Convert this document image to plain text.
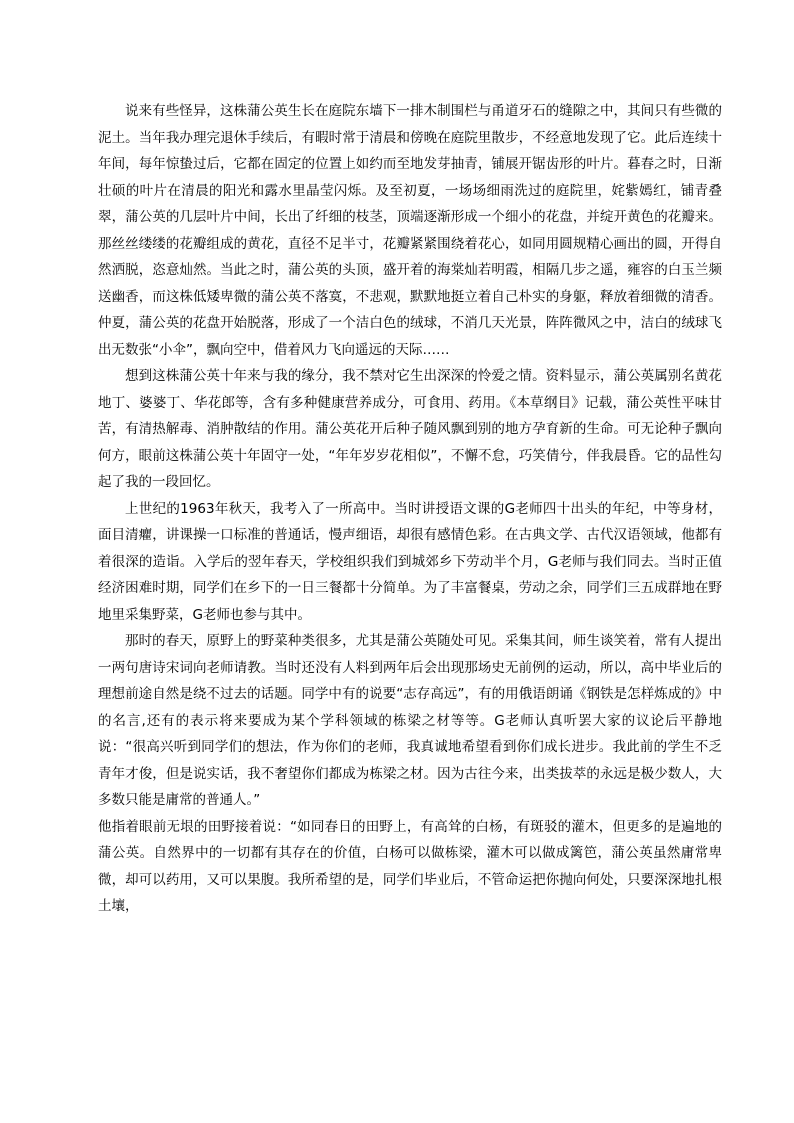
说来有些怪异，这株蒲公英生长在庭院东墙下一排木制围栏与甬道牙石的缝隙之中，其间只有些微的泥土。当年我办理完退休手续后，有暇时常于清晨和傍晚在庭院里散步，不经意地发现了它。此后连续十年间，每年惊蛰过后，它都在固定的位置上如约而至地发芽抽青，铺展开锯齿形的叶片。暮春之时，日渐壮硕的叶片在清晨的阳光和露水里晶莹闪烁。及至初夏，一场场细雨洗过的庭院里，姹紫嫣红，铺青叠翠，蒲公英的几层叶片中间，长出了纤细的枝茎，顶端逐渐形成一个细小的花盘，并绽开黄色的花瓣来。那丝丝缕缕的花瓣组成的黄花，直径不足半寸，花瓣紧紧围绕着花心，如同用圆规精心画出的圆，开得自然洒脱，恣意灿然。当此之时，蒲公英的头顶，盛开着的海棠灿若明霞，相隔几步之遥，雍容的白玉兰频送幽香，而这株低矮卑微的蒲公英不落寞，不悲观，默默地挺立着自己朴实的身躯，释放着细微的清香。仲夏，蒲公英的花盘开始脱落，形成了一个洁白色的绒球，不消几天光景，阵阵微风之中，洁白的绒球飞出无数张“小伞”，飘向空中，借着风力飞向遥远的天际……

想到这株蒲公英十年来与我的缘分，我不禁对它生出深深的怜爱之情。资料显示，蒲公英属别名黄花地丁、婆婆丁、华花郎等，含有多种健康营养成分，可食用、药用。《本草纲目》记载，蒲公英性平味甘苦，有清热解毒、消肿散结的作用。蒲公英花开后种子随风飘到别的地方孕育新的生命。可无论种子飘向何方，眼前这株蒲公英十年固守一处，“年年岁岁花相似”，不懈不怠，巧笑倩兮，伴我晨昏。它的品性勾起了我的一段回忆。

上世纪的1963年秋天，我考入了一所高中。当时讲授语文课的G老师四十出头的年纪，中等身材，面目清癯，讲课操一口标准的普通话，慢声细语，却很有感情色彩。在古典文学、古代汉语领域，他都有着很深的造诣。入学后的翌年春天，学校组织我们到城郊乡下劳动半个月，G老师与我们同去。当时正值经济困难时期，同学们在乡下的一日三餐都十分简单。为了丰富餐桌，劳动之余，同学们三五成群地在野地里采集野菜，G老师也参与其中。

那时的春天，原野上的野菜种类很多，尤其是蒲公英随处可见。采集其间，师生谈笑着，常有人提出一两句唐诗宋词向老师请教。当时还没有人料到两年后会出现那场史无前例的运动，所以，高中毕业后的理想前途自然是绕不过去的话题。同学中有的说要“志存高远”，有的用俄语朗诵《钢铁是怎样炼成的》中的名言,还有的表示将来要成为某个学科领域的栋梁之材等等。G老师认真听罢大家的议论后平静地说：“很高兴听到同学们的想法，作为你们的老师，我真诚地希望看到你们成长进步。我此前的学生不乏青年才俊，但是说实话，我不奢望你们都成为栋梁之材。因为古往今来，出类拔萃的永远是极少数人，大多数只能是庸常的普通人。”

他指着眼前无垠的田野接着说：“如同春日的田野上，有高耸的白杨，有斑驳的灌木，但更多的是遍地的蒲公英。自然界中的一切都有其存在的价值，白杨可以做栋梁，灌木可以做成篱笆，蒲公英虽然庸常卑微，却可以药用，又可以果腹。我所希望的是，同学们毕业后，不管命运把你抛向何处，只要深深地扎根土壤，
